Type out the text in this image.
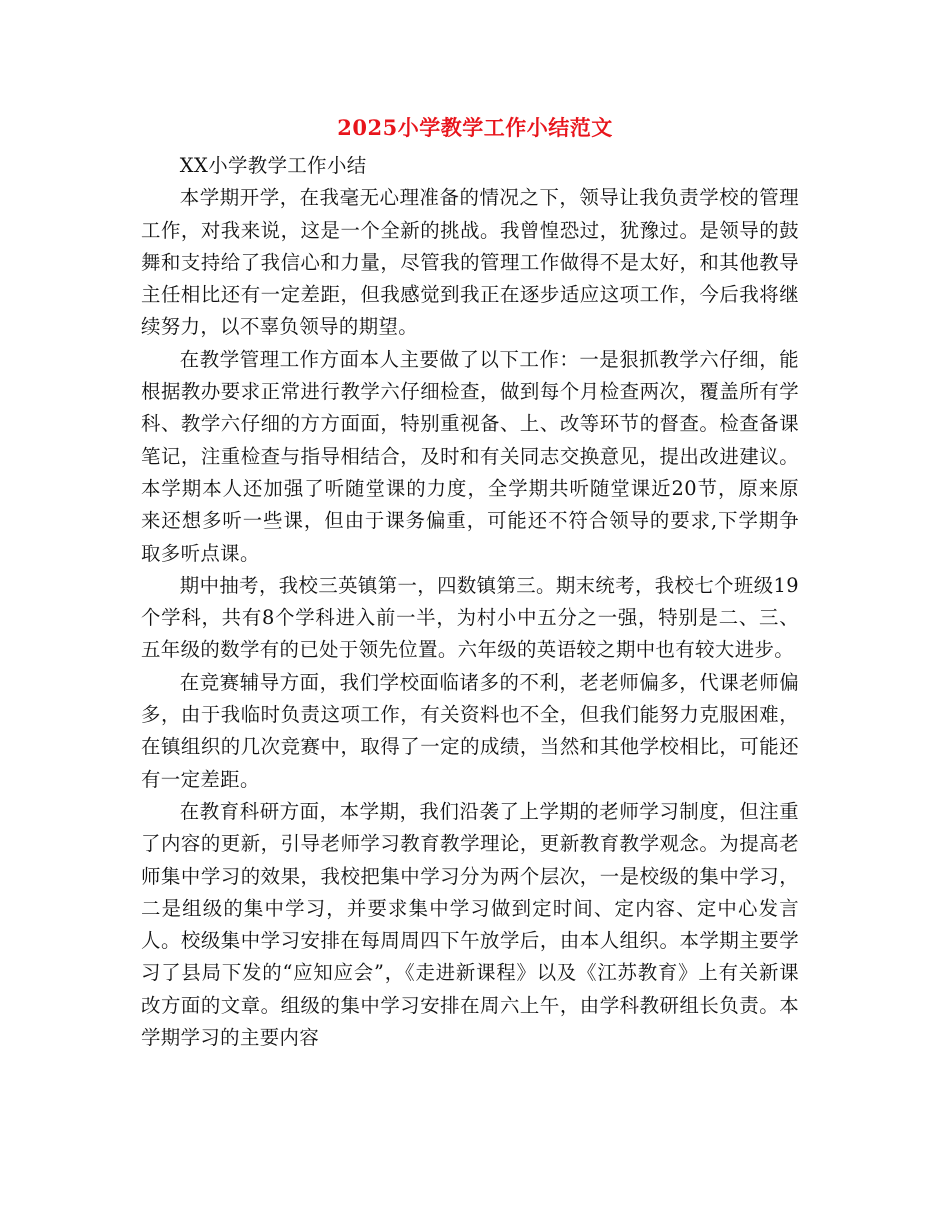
2025小学教学工作小结范文

XX小学教学工作小结

本学期开学，在我毫无心理准备的情况之下，领导让我负责学校的管理工作，对我来说，这是一个全新的挑战。我曾惶恐过，犹豫过。是领导的鼓舞和支持给了我信心和力量，尽管我的管理工作做得不是太好，和其他教导主任相比还有一定差距，但我感觉到我正在逐步适应这项工作，今后我将继续努力，以不辜负领导的期望。

在教学管理工作方面本人主要做了以下工作：一是狠抓教学六仔细，能根据教办要求正常进行教学六仔细检查，做到每个月检查两次，覆盖所有学科、教学六仔细的方方面面，特别重视备、上、改等环节的督查。检查备课笔记，注重检查与指导相结合，及时和有关同志交换意见，提出改进建议。本学期本人还加强了听随堂课的力度，全学期共听随堂课近20节，原来原来还想多听一些课，但由于课务偏重，可能还不符合领导的要求,下学期争取多听点课。

期中抽考，我校三英镇第一，四数镇第三。期末统考，我校七个班级19个学科，共有8个学科进入前一半，为村小中五分之一强，特别是二、三、五年级的数学有的已处于领先位置。六年级的英语较之期中也有较大进步。

在竞赛辅导方面，我们学校面临诸多的不利，老老师偏多，代课老师偏多，由于我临时负责这项工作，有关资料也不全，但我们能努力克服困难，在镇组织的几次竞赛中，取得了一定的成绩，当然和其他学校相比，可能还有一定差距。

在教育科研方面，本学期，我们沿袭了上学期的老师学习制度，但注重了内容的更新，引导老师学习教育教学理论，更新教育教学观念。为提高老师集中学习的效果，我校把集中学习分为两个层次，一是校级的集中学习，二是组级的集中学习，并要求集中学习做到定时间、定内容、定中心发言人。校级集中学习安排在每周周四下午放学后，由本人组织。本学期主要学习了县局下发的“应知应会”，《走进新课程》以及《江苏教育》上有关新课改方面的文章。组级的集中学习安排在周六上午，由学科教研组长负责。本学期学习的主要内容
